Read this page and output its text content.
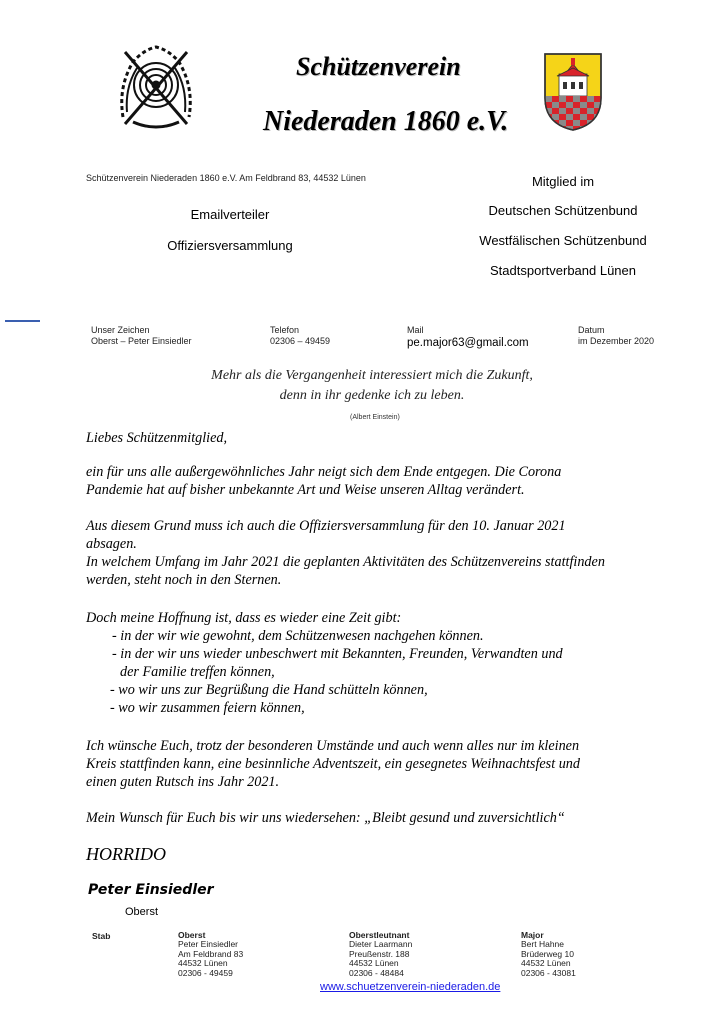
Schützenverein
Niederaden 1860 e.V.
Schützenverein Niederaden 1860 e.V. Am Feldbrand 83, 44532 Lünen
Emailverteiler
Offiziersversammlung
Mitglied im
Deutschen Schützenbund
Westfälischen Schützenbund
Stadtsportverband Lünen
Unser Zeichen
Oberst – Peter Einsiedler
Telefon
02306 – 49459
Mail
pe.major63@gmail.com
Datum
im Dezember 2020
Mehr als die Vergangenheit interessiert mich die Zukunft,
denn in ihr gedenke ich zu leben.
(Albert Einstein)
Liebes Schützenmitglied,
ein für uns alle außergewöhnliches Jahr neigt sich dem Ende entgegen. Die Corona
Pandemie hat auf bisher unbekannte Art und Weise unseren Alltag verändert.
Aus diesem Grund muss ich auch die Offiziersversammlung für den 10. Januar 2021
absagen.
In welchem Umfang im Jahr 2021 die geplanten Aktivitäten des Schützenvereins stattfinden
werden, steht noch in den Sternen.
Doch meine Hoffnung ist, dass es wieder eine Zeit gibt:
- in der wir wie gewohnt, dem Schützenwesen nachgehen können.
- in der wir uns wieder unbeschwert mit Bekannten, Freunden, Verwandten und
der Familie treffen können,
- wo wir uns zur Begrüßung die Hand schütteln können,
- wo wir zusammen feiern können,
Ich wünsche Euch, trotz der besonderen Umstände und auch wenn alles nur im kleinen
Kreis stattfinden kann, eine besinnliche Adventszeit, ein gesegnetes Weihnachtsfest und
einen guten Rutsch ins Jahr 2021.
Mein Wunsch für Euch bis wir uns wiedersehen: „Bleibt gesund und zuversichtlich“
HORRIDO
Peter Einsiedler
Oberst
Stab	Oberst
Peter Einsiedler
Am Feldbrand 83
44532 Lünen
02306 - 49459
Oberstleutnant
Dieter Laarmann
Preußenstr. 188
44532 Lünen
02306 - 48484
Major
Bert Hahne
Brüderweg 10
44532 Lünen
02306 - 43081
www.schuetzenverein-niederaden.de
